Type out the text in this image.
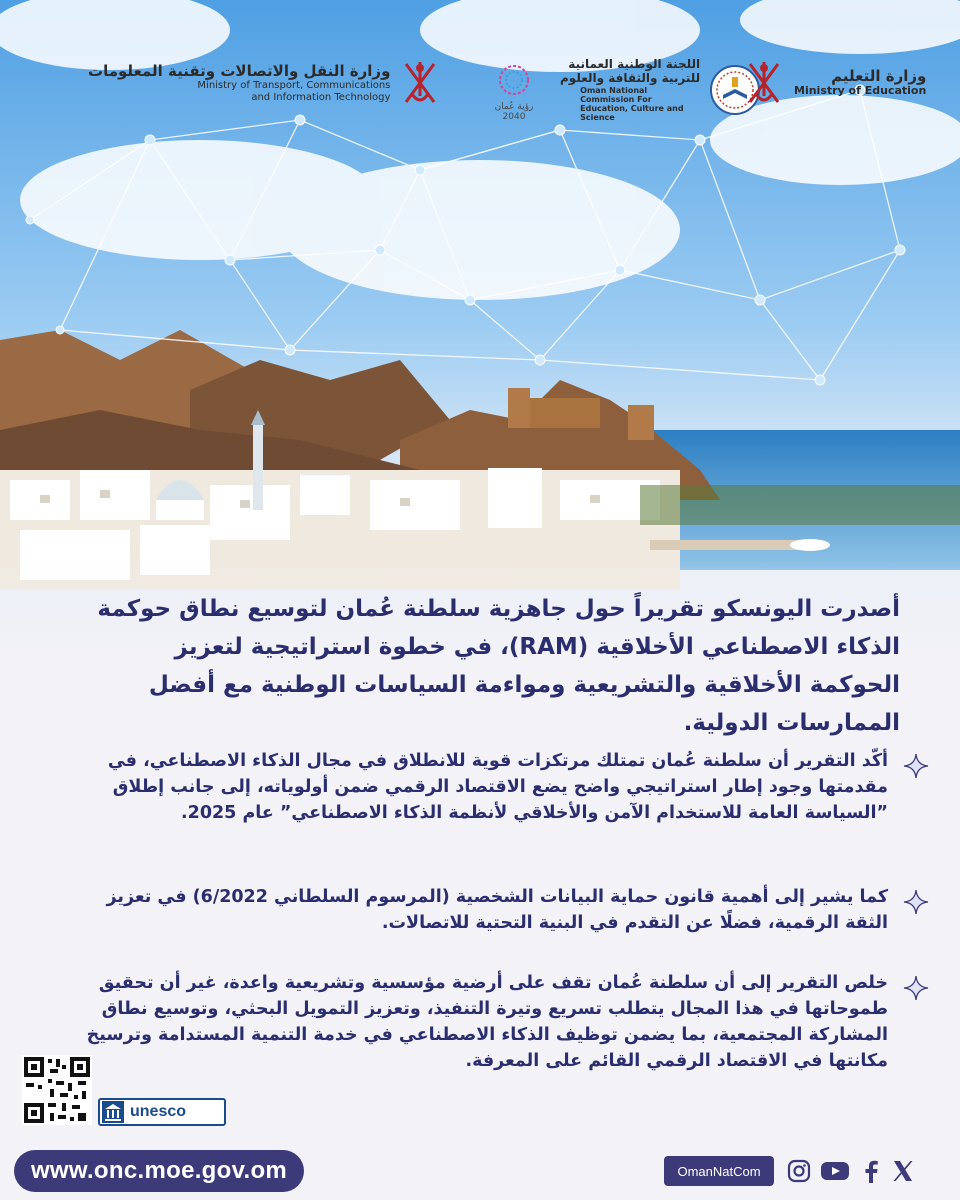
وزارة النقل والاتصالات وتقنية المعلومات
Ministry of Transport, Communications
and Information Technology
رؤية عُمان
2040
اللجنة الوطنية العمانية
للتربية والثقافة والعلوم
Oman National Commission For
Education, Culture and Science
وزارة التعليم
Ministry of Education
أصدرت اليونسكو تقريراً حول جاهزية سلطنة عُمان لتوسيع نطاق حوكمة الذكاء الاصطناعي الأخلاقية (RAM)، في خطوة استراتيجية لتعزيز الحوكمة الأخلاقية والتشريعية ومواءمة السياسات الوطنية مع أفضل الممارسات الدولية.
أكّد التقرير أن سلطنة عُمان تمتلك مرتكزات قوية للانطلاق في مجال الذكاء الاصطناعي، في مقدمتها وجود إطار استراتيجي واضح يضع الاقتصاد الرقمي ضمن أولوياته، إلى جانب إطلاق ”السياسة العامة للاستخدام الآمن والأخلاقي لأنظمة الذكاء الاصطناعي” عام 2025.
كما يشير إلى أهمية قانون حماية البيانات الشخصية (المرسوم السلطاني 6/2022) في تعزيز الثقة الرقمية، فضلًا عن التقدم في البنية التحتية للاتصالات.
خلص التقرير إلى أن سلطنة عُمان تقف على أرضية مؤسسية وتشريعية واعدة، غير أن تحقيق طموحاتها في هذا المجال يتطلب تسريع وتيرة التنفيذ، وتعزيز التمويل البحثي، وتوسيع نطاق المشاركة المجتمعية، بما يضمن توظيف الذكاء الاصطناعي في خدمة التنمية المستدامة وترسيخ مكانتها في الاقتصاد الرقمي القائم على المعرفة.
unesco
www.onc.moe.gov.om	OmanNatCom
